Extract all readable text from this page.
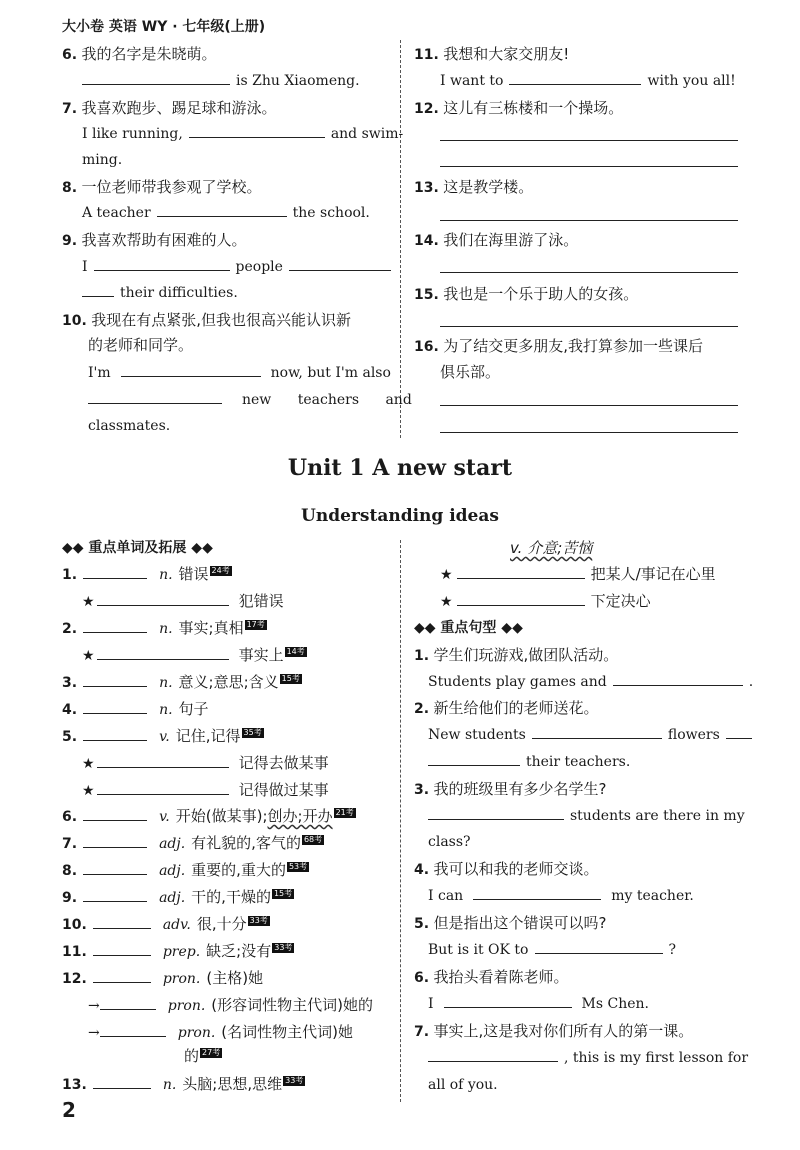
大小卷 英语 WY · 七年级(上册)
6. 我的名字是朱晓萌。
is Zhu Xiaomeng.
7. 我喜欢跑步、踢足球和游泳。
I like running,	and swim-
ming.
8. 一位老师带我参观了学校。
A teacher	the school.
9. 我喜欢帮助有困难的人。
I	people
their difficulties.
10. 我现在有点紧张,但我也很高兴能认识新
的老师和同学。
I'm	now, but I'm also
new teachers and
classmates.
11. 我想和大家交朋友!
I want to	with you all!
12. 这儿有三栋楼和一个操场。
13. 这是教学楼。
14. 我们在海里游了泳。
15. 我也是一个乐于助人的女孩。
16. 为了结交更多朋友,我打算参加一些课后
俱乐部。
Unit 1 A new start
Understanding ideas
◆◆ 重点单词及拓展 ◆◆
1.	n. 错误 24考
★	犯错误
2.	n. 事实;真相 17考
★	事实上 14考
3.	n. 意义;意思;含义 15考
4.	n. 句子
5.	v. 记住,记得 35考
★	记得去做某事
★	记得做过某事
6.	v. 开始(做某事);创办;开办 21考
7.	adj. 有礼貌的,客气的 68考
8.	adj. 重要的,重大的 53考
9.	adj. 干的,干燥的 15考
10.	adv. 很,十分 33考
11.	prep. 缺乏;没有 33考
12.	pron. (主格)她
→	pron. (形容词性物主代词)她的
→	pron. (名词性物主代词)她
的 27考
13.	n. 头脑;思想,思维 33考
v. 介意;苦恼
★	把某人/事记在心里
★	下定决心
◆◆ 重点句型 ◆◆
1. 学生们玩游戏,做团队活动。
Students play games and	.
2. 新生给他们的老师送花。
New students	flowers
their teachers.
3. 我的班级里有多少名学生?
students are there in my
class?
4. 我可以和我的老师交谈。
I can	my teacher.
5. 但是指出这个错误可以吗?
But is it OK to	?
6. 我抬头看着陈老师。
I	Ms Chen.
7. 事实上,这是我对你们所有人的第一课。
, this is my first lesson for
all of you.
2
